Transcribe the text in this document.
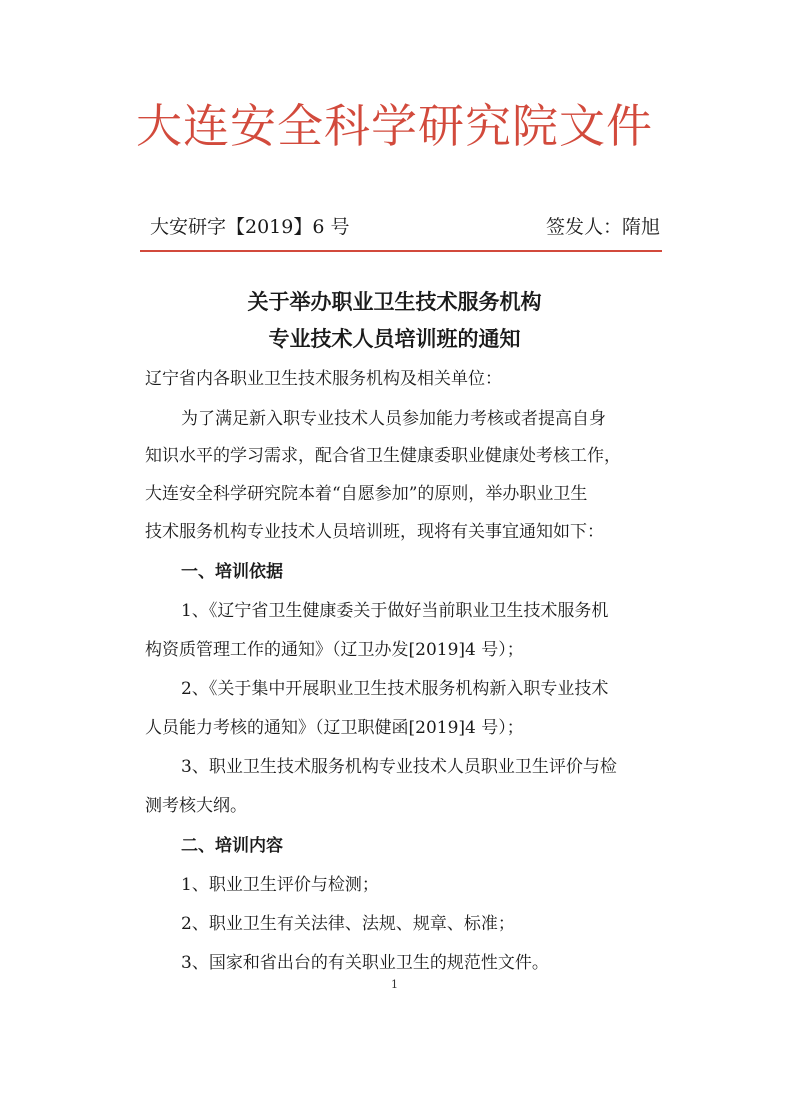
大连安全科学研究院文件
大安研字【2019】6 号	签发人：隋旭
关于举办职业卫生技术服务机构
专业技术人员培训班的通知
辽宁省内各职业卫生技术服务机构及相关单位：
为了满足新入职专业技术人员参加能力考核或者提高自身
知识水平的学习需求，配合省卫生健康委职业健康处考核工作，
大连安全科学研究院本着“自愿参加”的原则，举办职业卫生
技术服务机构专业技术人员培训班，现将有关事宜通知如下：
一、培训依据
1、《辽宁省卫生健康委关于做好当前职业卫生技术服务机
构资质管理工作的通知》（辽卫办发[2019]4 号）；
2、《关于集中开展职业卫生技术服务机构新入职专业技术
人员能力考核的通知》（辽卫职健函[2019]4 号）；
3、职业卫生技术服务机构专业技术人员职业卫生评价与检
测考核大纲。
二、培训内容
1、职业卫生评价与检测；
2、职业卫生有关法律、法规、规章、标准；
3、国家和省出台的有关职业卫生的规范性文件。
1
